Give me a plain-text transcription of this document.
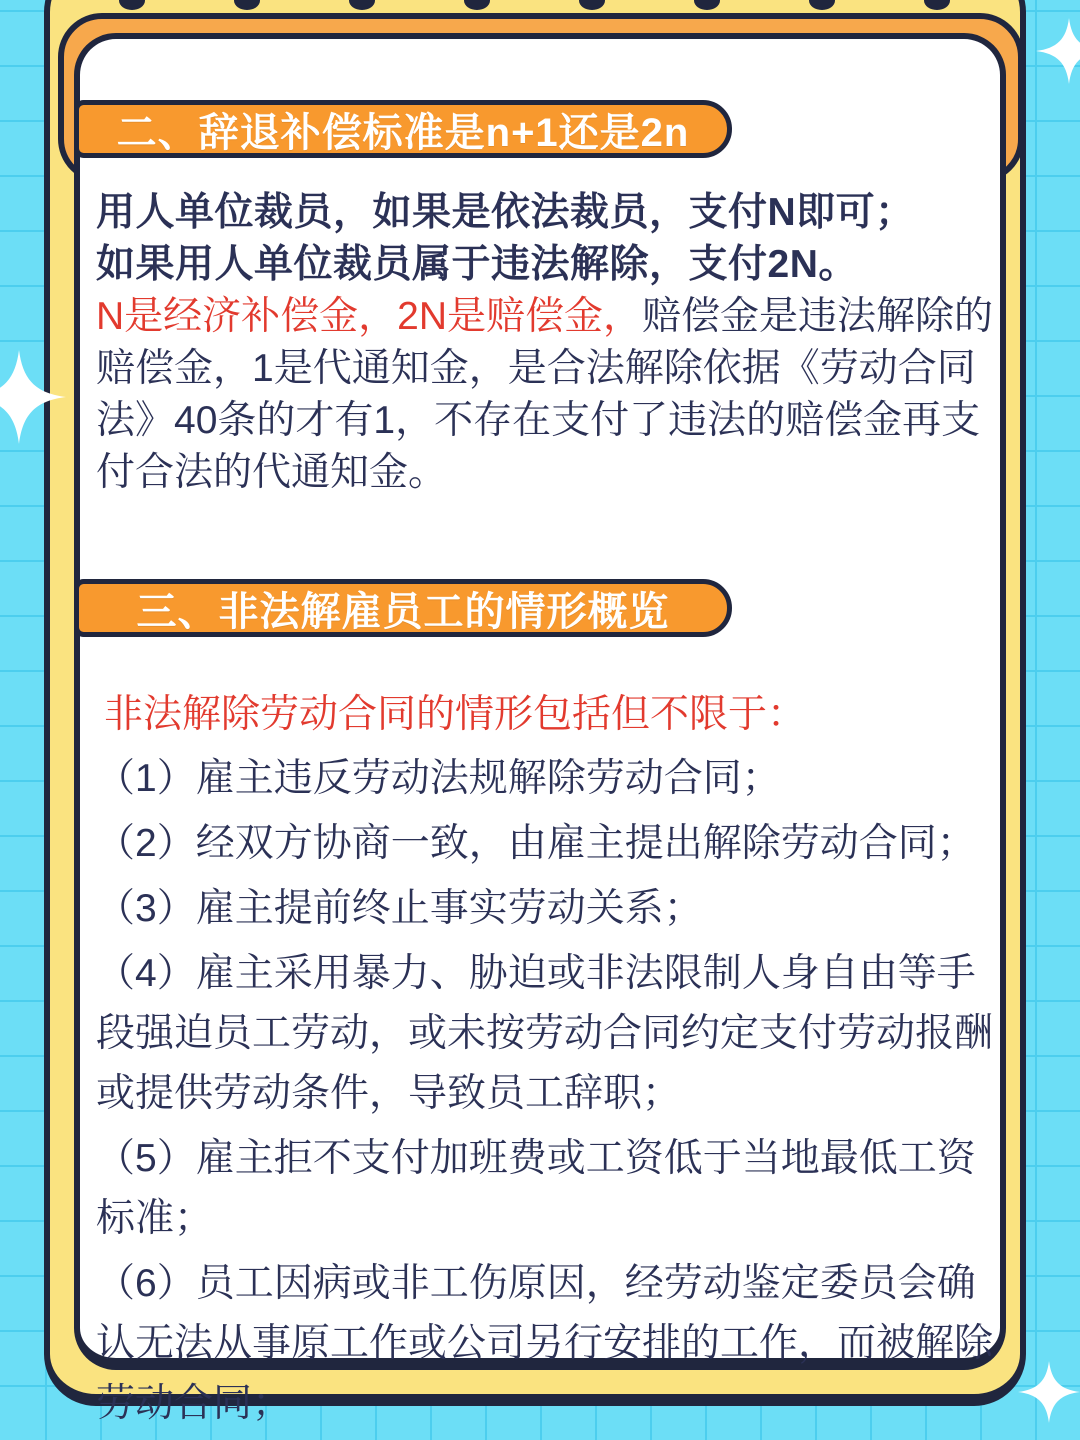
二、辞退补偿标准是n+1还是2n
用人单位裁员，如果是依法裁员，支付N即可；
如果用人单位裁员属于违法解除，支付2N。
N是经济补偿金，2N是赔偿金，赔偿金是违法解除的赔偿金，1是代通知金，是合法解除依据《劳动合同法》40条的才有1，不存在支付了违法的赔偿金再支付合法的代通知金。
三、非法解雇员工的情形概览
非法解除劳动合同的情形包括但不限于：
（1）雇主违反劳动法规解除劳动合同；
（2）经双方协商一致，由雇主提出解除劳动合同；
（3）雇主提前终止事实劳动关系；
（4）雇主采用暴力、胁迫或非法限制人身自由等手段强迫员工劳动，或未按劳动合同约定支付劳动报酬或提供劳动条件，导致员工辞职；
（5）雇主拒不支付加班费或工资低于当地最低工资标准；
（6）员工因病或非工伤原因，经劳动鉴定委员会确认无法从事原工作或公司另行安排的工作，而被解除劳动合同；
